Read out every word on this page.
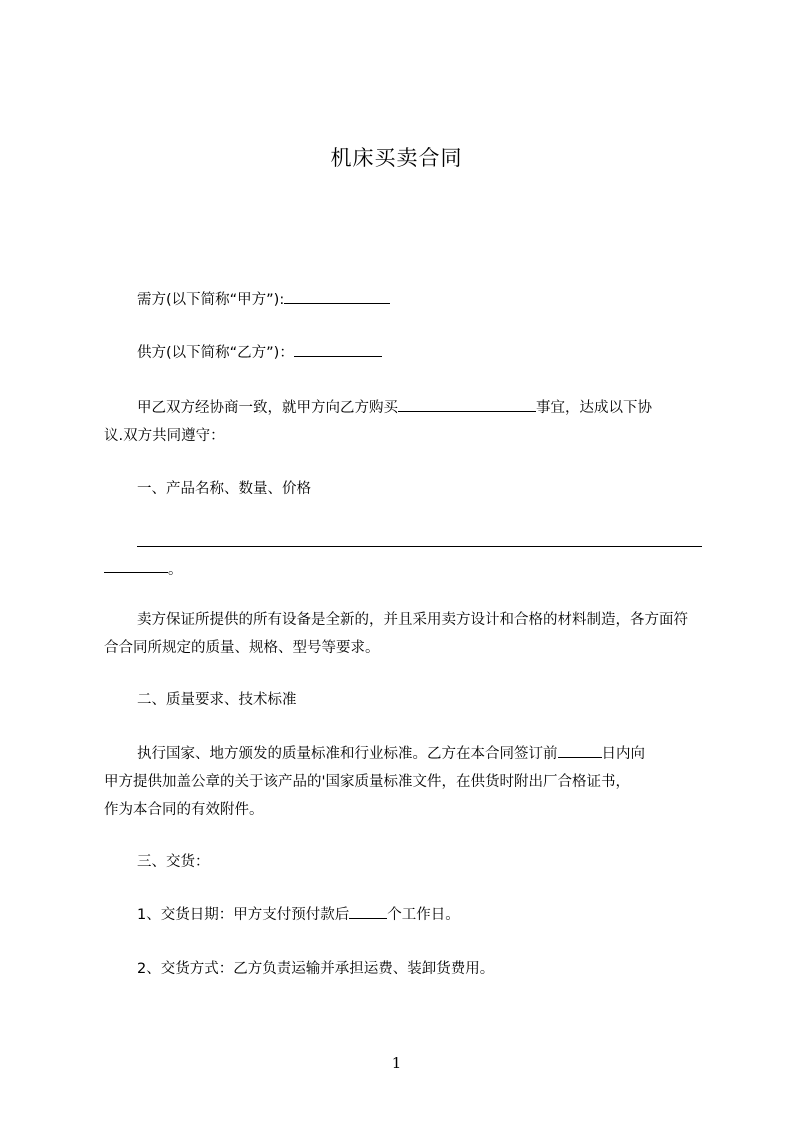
机床买卖合同
需方(以下简称“甲方”):
供方(以下简称“乙方”)：
甲乙双方经协商一致，就甲方向乙方购买	事宜，达成以下协
议.双方共同遵守：
一、产品名称、数量、价格
。
卖方保证所提供的所有设备是全新的，并且采用卖方设计和合格的材料制造，各方面符合合同所规定的质量、规格、型号等要求。
二、质量要求、技术标准
执行国家、地方颁发的质量标准和行业标准。乙方在本合同签订前	日内向
甲方提供加盖公章的关于该产品的'国家质量标准文件，在供货时附出厂合格证书，
作为本合同的有效附件。
三、交货：
1、交货日期：甲方支付预付款后	个工作日。
2、交货方式：乙方负责运输并承担运费、装卸货费用。
1
